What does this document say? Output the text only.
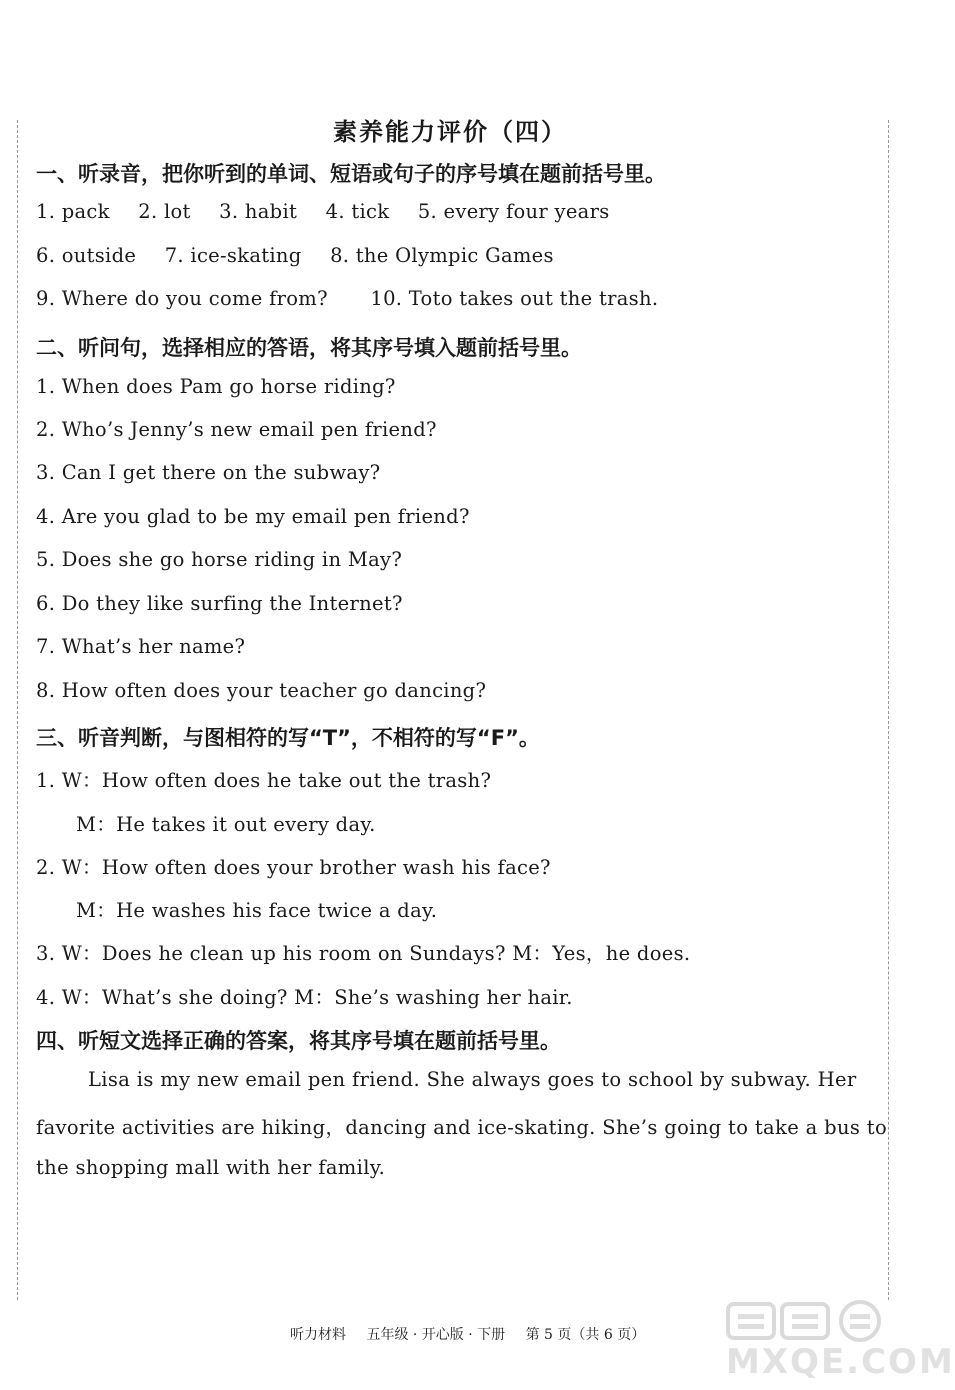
素养能力评价（四）
一、听录音，把你听到的单词、短语或句子的序号填在题前括号里。
1. pack 2. lot 3. habit 4. tick 5. every four years
6. outside 7. ice-skating 8. the Olympic Games
9. Where do you come from? 10. Toto takes out the trash.
二、听问句，选择相应的答语，将其序号填入题前括号里。
1. When does Pam go horse riding?
2. Who’s Jenny’s new email pen friend?
3. Can I get there on the subway?
4. Are you glad to be my email pen friend?
5. Does she go horse riding in May?
6. Do they like surfing the Internet?
7. What’s her name?
8. How often does your teacher go dancing?
三、听音判断，与图相符的写“T”，不相符的写“F”。
1. W：How often does he take out the trash?
M：He takes it out every day.
2. W：How often does your brother wash his face?
M：He washes his face twice a day.
3. W：Does he clean up his room on Sundays? M：Yes，he does.
4. W：What’s she doing? M：She’s washing her hair.
四、听短文选择正确的答案，将其序号填在题前括号里。
Lisa is my new email pen friend. She always goes to school by subway. Her
favorite activities are hiking，dancing and ice-skating. She’s going to take a bus to
the shopping mall with her family.
听力材料 五年级 · 开心版 · 下册 第 5 页（共 6 页）
MXQE.COM
